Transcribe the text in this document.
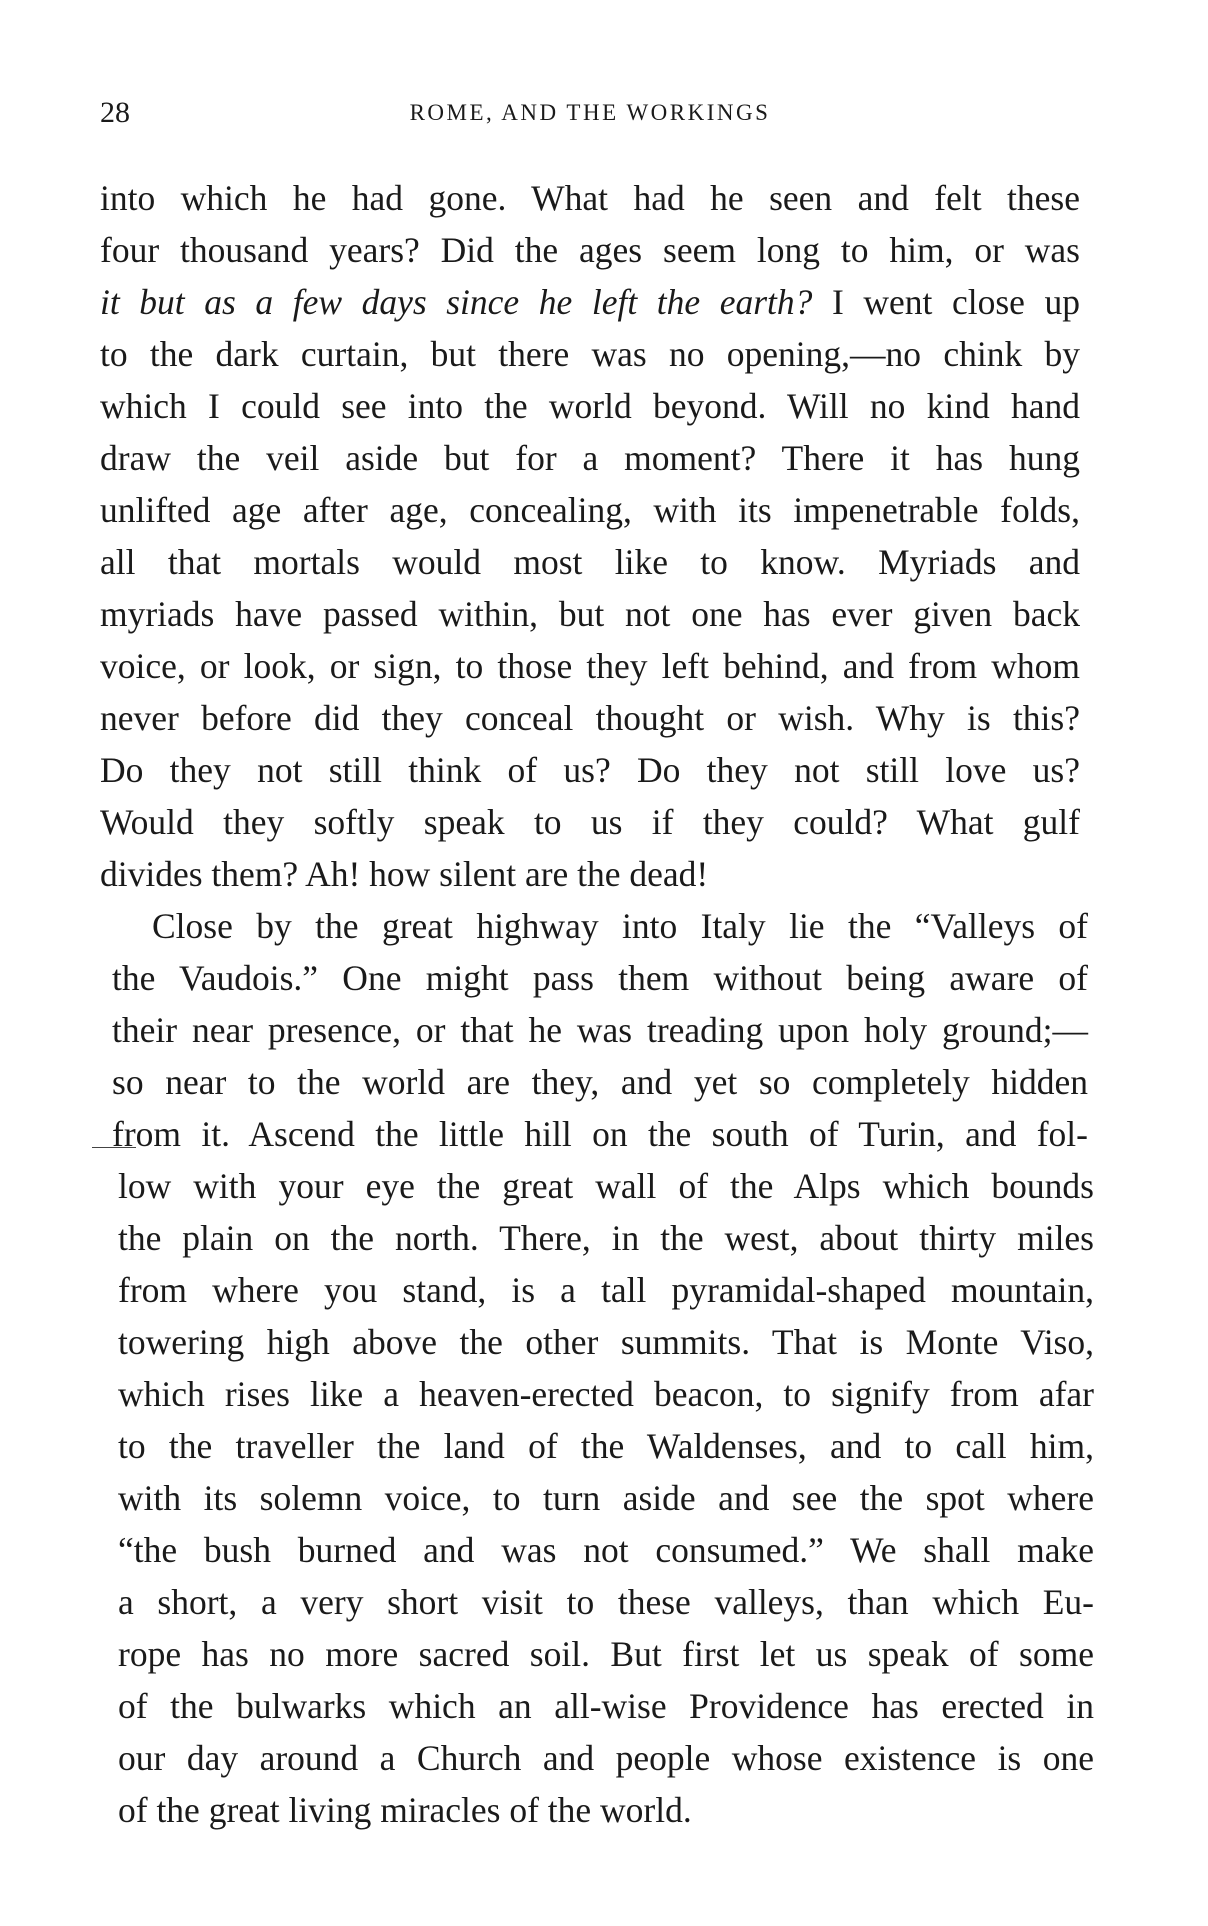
28	ROME, AND THE WORKINGS
into which he had gone. What had he seen and felt these
four thousand years? Did the ages seem long to him, or was
it but as a few days since he left the earth? I went close up
to the dark curtain, but there was no opening,—no chink by
which I could see into the world beyond. Will no kind hand
draw the veil aside but for a moment? There it has hung
unlifted age after age, concealing, with its impenetrable folds,
all that mortals would most like to know. Myriads and
myriads have passed within, but not one has ever given back
voice, or look, or sign, to those they left behind, and from whom
never before did they conceal thought or wish. Why is this?
Do they not still think of us? Do they not still love us?
Would they softly speak to us if they could? What gulf
divides them? Ah! how silent are the dead!
Close by the great highway into Italy lie the “Valleys of
the Vaudois.” One might pass them without being aware of
their near presence, or that he was treading upon holy ground;—
so near to the world are they, and yet so completely hidden
from it. Ascend the little hill on the south of Turin, and fol-
low with your eye the great wall of the Alps which bounds
the plain on the north. There, in the west, about thirty miles
from where you stand, is a tall pyramidal-shaped mountain,
towering high above the other summits. That is Monte Viso,
which rises like a heaven-erected beacon, to signify from afar
to the traveller the land of the Waldenses, and to call him,
with its solemn voice, to turn aside and see the spot where
“the bush burned and was not consumed.” We shall make
a short, a very short visit to these valleys, than which Eu-
rope has no more sacred soil. But first let us speak of some
of the bulwarks which an all-wise Providence has erected in
our day around a Church and people whose existence is one
of the great living miracles of the world.
